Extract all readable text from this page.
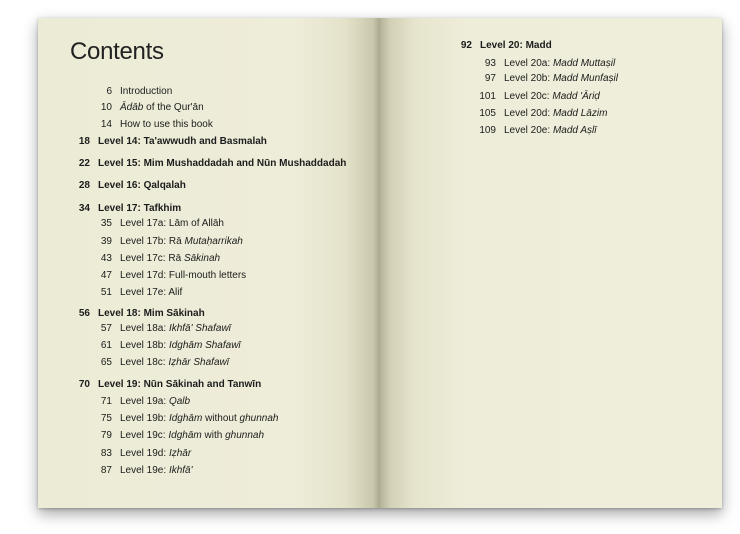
Contents
6 Introduction
10 Ādāb of the Qur'ān
14 How to use this book
18 Level 14: Ta'awwudh and Basmalah
22 Level 15: Mim Mushaddadah and Nūn Mushaddadah
28 Level 16: Qalqalah
34 Level 17: Tafkhim
35 Level 17a: Lām of Allāh
39 Level 17b: Rā Mutaḥarrikah
43 Level 17c: Rā Sākinah
47 Level 17d: Full-mouth letters
51 Level 17e: Alif
56 Level 18: Mim Sākinah
57 Level 18a: Ikhfā' Shafawī
61 Level 18b: Idghām Shafawī
65 Level 18c: Iẓhār Shafawī
70 Level 19: Nūn Sākinah and Tanwīn
71 Level 19a: Qalb
75 Level 19b: Idghām without ghunnah
79 Level 19c: Idghām with ghunnah
83 Level 19d: Iẓhār
87 Level 19e: Ikhfā'
92 Level 20: Madd
93 Level 20a: Madd Muttaṣil
97 Level 20b: Madd Munfaṣil
101 Level 20c: Madd 'Āriḍ
105 Level 20d: Madd Lāzim
109 Level 20e: Madd Aṣlī
